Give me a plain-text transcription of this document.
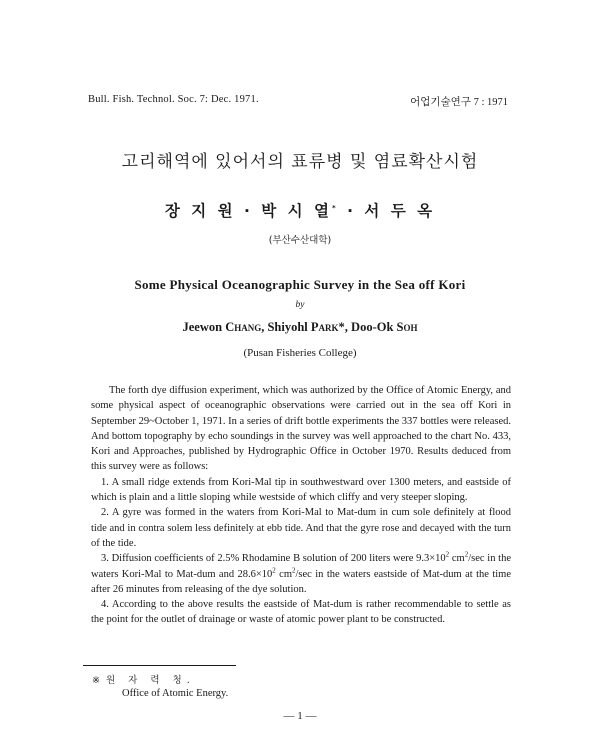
Bull. Fish. Technol. Soc. 7: Dec. 1971.	어업기술연구 7 : 1971
고리해역에 있어서의 표류병 및 염료확산시험
장 지 원 · 박 시 열* · 서 두 옥
(부산수산대학)
Some Physical Oceanographic Survey in the Sea off Kori
by
Jeewon Chang, Shiyohl Park*, Doo-Ok Soh
(Pusan Fisheries College)

The forth dye diffusion experiment, which was authorized by the Office of Atomic Energy, and some physical aspect of oceanographic observations were carried out in the sea off Kori in September 29~October 1, 1971. In a series of drift bottle experiments the 337 bottles were released. And bottom topography by echo soundings in the survey was well approached to the chart No. 433, Kori and Approaches, published by Hydrographic Office in October 1970. Results deduced from this survey were as follows:

1. A small ridge extends from Kori-Mal tip in southwestward over 1300 meters, and eastside of which is plain and a little sloping while westside of which cliffy and very steeper sloping.

2. A gyre was formed in the waters from Kori-Mal to Mat-dum in cum sole definitely at flood tide and in contra solem less definitely at ebb tide. And that the gyre rose and decayed with the turn of the tide.

3. Diffusion coefficients of 2.5% Rhodamine B solution of 200 liters were $9.3\times 10^2$ $cm^2/\sec$ in the waters Kori-Mal to Mat-dum and $28.6\times 10^2$ $cm^2/\sec$ in the waters eastside of Mat-dum at the time after 26 minutes from releasing of the dye solution.

4. According to the above results the eastside of Mat-dum is rather recommendable to settle as the point for the outlet of drainage or waste of atomic power plant to be constructed.

※ 원 자 력 청.
Office of Atomic Energy.
— 1 —
